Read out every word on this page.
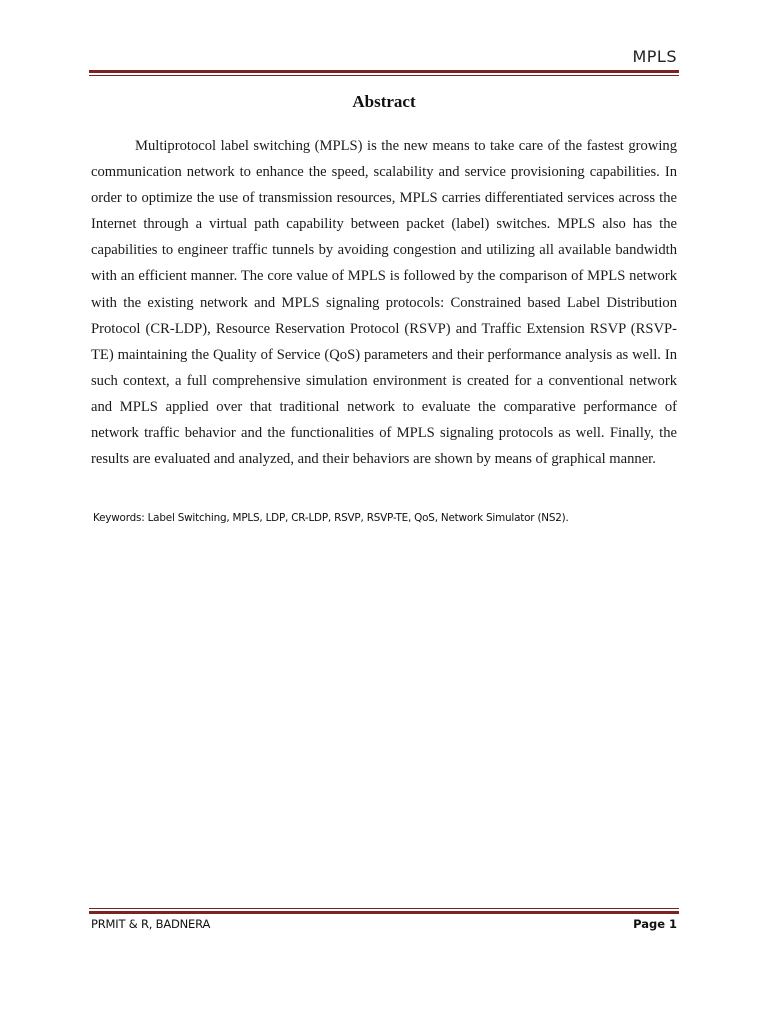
MPLS
Abstract

Multiprotocol label switching (MPLS) is the new means to take care of the fastest growing communication network to enhance the speed, scalability and service provisioning capabilities. In order to optimize the use of transmission resources, MPLS carries differentiated services across the Internet through a virtual path capability between packet (label) switches. MPLS also has the capabilities to engineer traffic tunnels by avoiding congestion and utilizing all available bandwidth with an efficient manner. The core value of MPLS is followed by the comparison of MPLS network with the existing network and MPLS signaling protocols: Constrained based Label Distribution Protocol (CR-LDP), Resource Reservation Protocol (RSVP) and Traffic Extension RSVP (RSVP-TE) maintaining the Quality of Service (QoS) parameters and their performance analysis as well. In such context, a full comprehensive simulation environment is created for a conventional network and MPLS applied over that traditional network to evaluate the comparative performance of network traffic behavior and the functionalities of MPLS signaling protocols as well. Finally, the results are evaluated and analyzed, and their behaviors are shown by means of graphical manner.

Keywords: Label Switching, MPLS, LDP, CR-LDP, RSVP, RSVP-TE, QoS, Network Simulator (NS2).
PRMIT & R, BADNERA	Page 1
